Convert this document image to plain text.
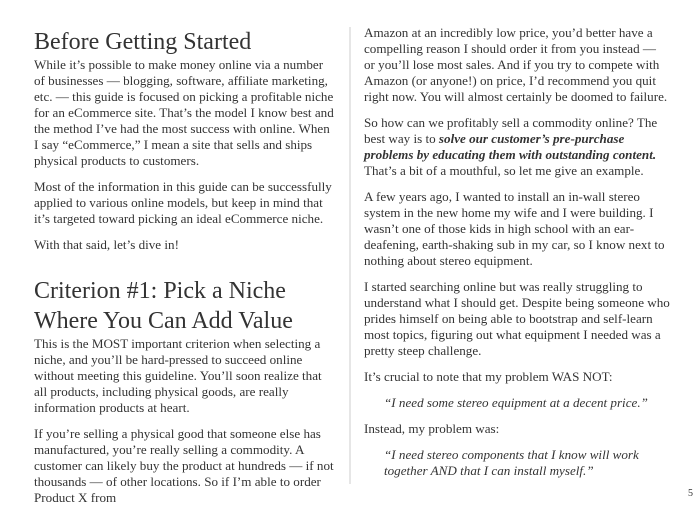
Before Getting Started

While it’s possible to make money online via a number of businesses — blogging, software, affiliate marketing, etc. — this guide is focused on picking a profitable niche for an eCommerce site. That’s the model I know best and the method I’ve had the most success with online. When I say “eCommerce,” I mean a site that sells and ships physical products to customers.

Most of the information in this guide can be successfully applied to various online models, but keep in mind that it’s targeted toward picking an ideal eCommerce niche.

With that said, let’s dive in!

Criterion #1: Pick a Niche
Where You Can Add Value

This is the MOST important criterion when selecting a niche, and you’ll be hard-pressed to succeed online without meeting this guideline. You’ll soon realize that all products, including physical goods, are really information products at heart.

If you’re selling a physical good that someone else has manufactured, you’re really selling a commodity. A customer can likely buy the product at hundreds — if not thousands — of other locations. So if I’m able to order Product X from

Amazon at an incredibly low price, you’d better have a compelling reason I should order it from you instead — or you’ll lose most sales. And if you try to compete with Amazon (or anyone!) on price, I’d recommend you quit right now. You will almost certainly be doomed to failure.

So how can we profitably sell a commodity online? The best way is to solve our customer’s pre-purchase problems by educating them with outstanding content. That’s a bit of a mouthful, so let me give an example.

A few years ago, I wanted to install an in-wall stereo system in the new home my wife and I were building. I wasn’t one of those kids in high school with an ear-deafening, earth-shaking sub in my car, so I know next to nothing about stereo equipment.

I started searching online but was really struggling to understand what I should get. Despite being someone who prides himself on being able to bootstrap and self-learn most topics, figuring out what equipment I needed was a pretty steep challenge.

It’s crucial to note that my problem WAS NOT:

“I need some stereo equipment at a decent price.”

Instead, my problem was:

“I need stereo components that I know will work together AND that I can install myself.”

5
